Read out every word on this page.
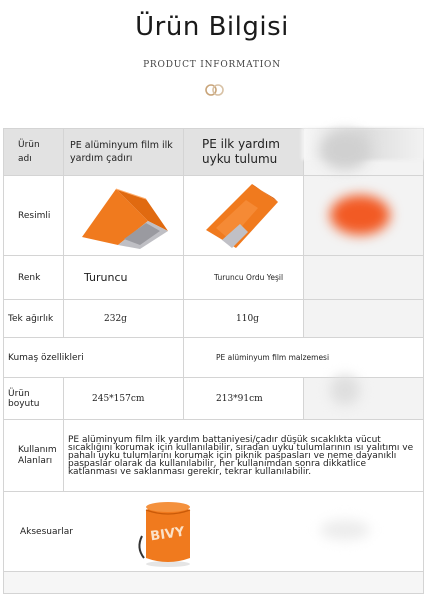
Ürün Bilgisi
PRODUCT INFORMATION
Ürün adı	PE alüminyum film ilk yardım çadırı	PE ilk yardım uyku tulumu	
Resimli			
Renk	Turuncu	Turuncu Ordu Yeşil	
Tek ağırlık	232g	110g	
Kumaş özellikleri		PE alüminyum film malzemesi	
Ürün boyutu	245*157cm	213*91cm	
Kullanım Alanları	PE alüminyum film ilk yardım battaniyesi/çadır düşük sıcaklıkta vücut sıcaklığını korumak için kullanılabilir, sıradan uyku tulumlarının ısı yalıtımı ve pahalı uyku tulumlarını korumak için piknik paspasları ve neme dayanıklı paspaslar olarak da kullanılabilir, her kullanımdan sonra dikkatlice katlanması ve saklanması gerekir, tekrar kullanılabilir.		
Aksesuarlar	BIVY		
